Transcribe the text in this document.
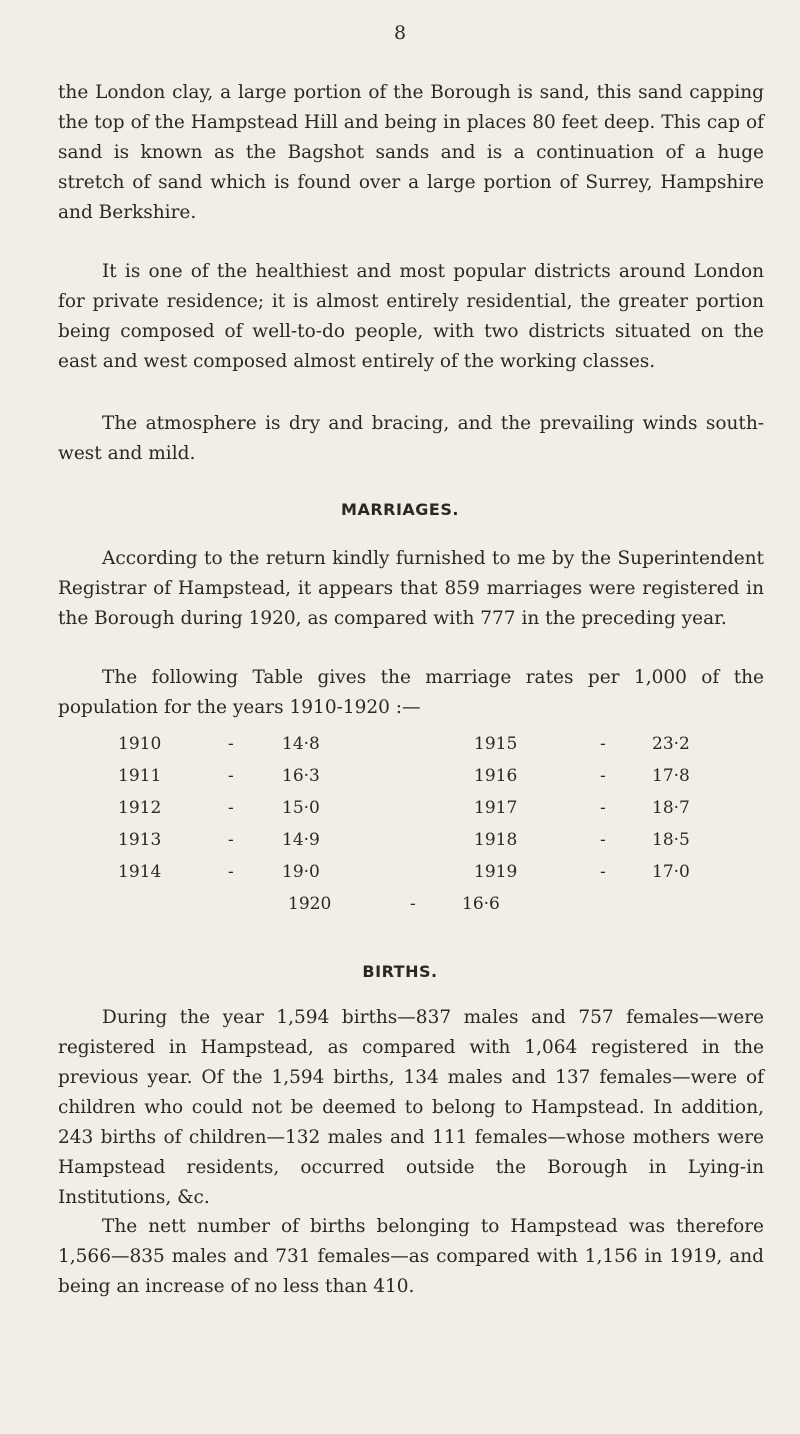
8

the London clay, a large portion of the Borough is sand, this sand capping the top of the Hampstead Hill and being in places 80 feet deep. This cap of sand is known as the Bagshot sands and is a continuation of a huge stretch of sand which is found over a large portion of Surrey, Hampshire and Berkshire.

It is one of the healthiest and most popular districts around London for private residence; it is almost entirely residential, the greater portion being composed of well-to-do people, with two districts situated on the east and west composed almost entirely of the working classes.

The atmosphere is dry and bracing, and the prevailing winds south-west and mild.

MARRIAGES.

According to the return kindly furnished to me by the Superintendent Registrar of Hampstead, it appears that 859 marriages were registered in the Borough during 1920, as compared with 777 in the preceding year.

The following Table gives the marriage rates per 1,000 of the population for the years 1910-1920 :—

1910	-	14·8	1915	-	23·2
1911	-	16·3	1916	-	17·8
1912	-	15·0	1917	-	18·7
1913	-	14·9	1918	-	18·5
1914	-	19·0	1919	-	17·0
1920	-	16·6
BIRTHS.

During the year 1,594 births—837 males and 757 females—were registered in Hampstead, as compared with 1,064 registered in the previous year. Of the 1,594 births, 134 males and 137 females—were of children who could not be deemed to belong to Hampstead. In addition, 243 births of children—132 males and 111 females—whose mothers were Hampstead residents, occurred outside the Borough in Lying-in Institutions, &c.

The nett number of births belonging to Hampstead was therefore 1,566—835 males and 731 females—as compared with 1,156 in 1919, and being an increase of no less than 410.
